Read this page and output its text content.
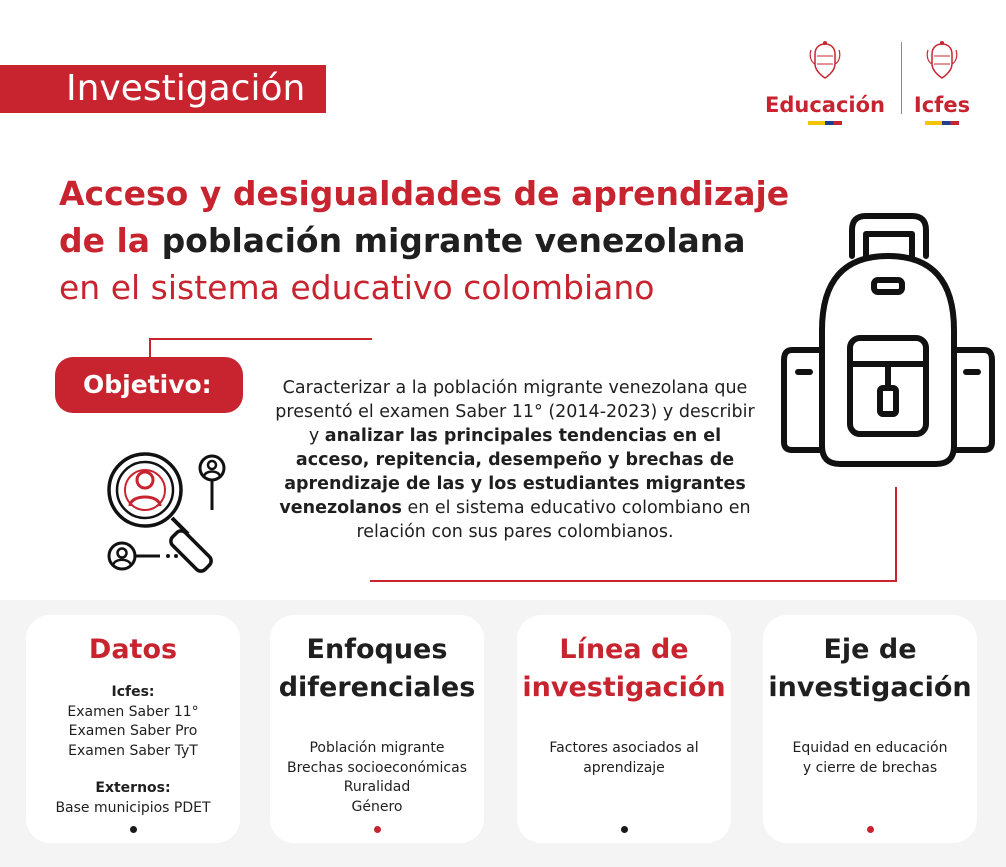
Investigación	Educación Icfes
Acceso y desigualdades de aprendizaje
de la población migrante venezolana
en el sistema educativo colombiano
Objetivo:	Caracterizar a la población migrante venezolana que presentó el examen Saber 11° (2014-2023) y describir y analizar las principales tendencias en el acceso, repitencia, desempeño y brechas de aprendizaje de las y los estudiantes migrantes venezolanos en el sistema educativo colombiano en relación con sus pares colombianos.
Datos
Icfes:
Examen Saber 11°
Examen Saber Pro
Examen Saber TyT
Externos:
Base municipios PDET
Enfoques
diferenciales
Población migrante
Brechas socioeconómicas
Ruralidad
Género
Línea de
investigación
Factores asociados al
aprendizaje
Eje de
investigación
Equidad en educación
y cierre de brechas
